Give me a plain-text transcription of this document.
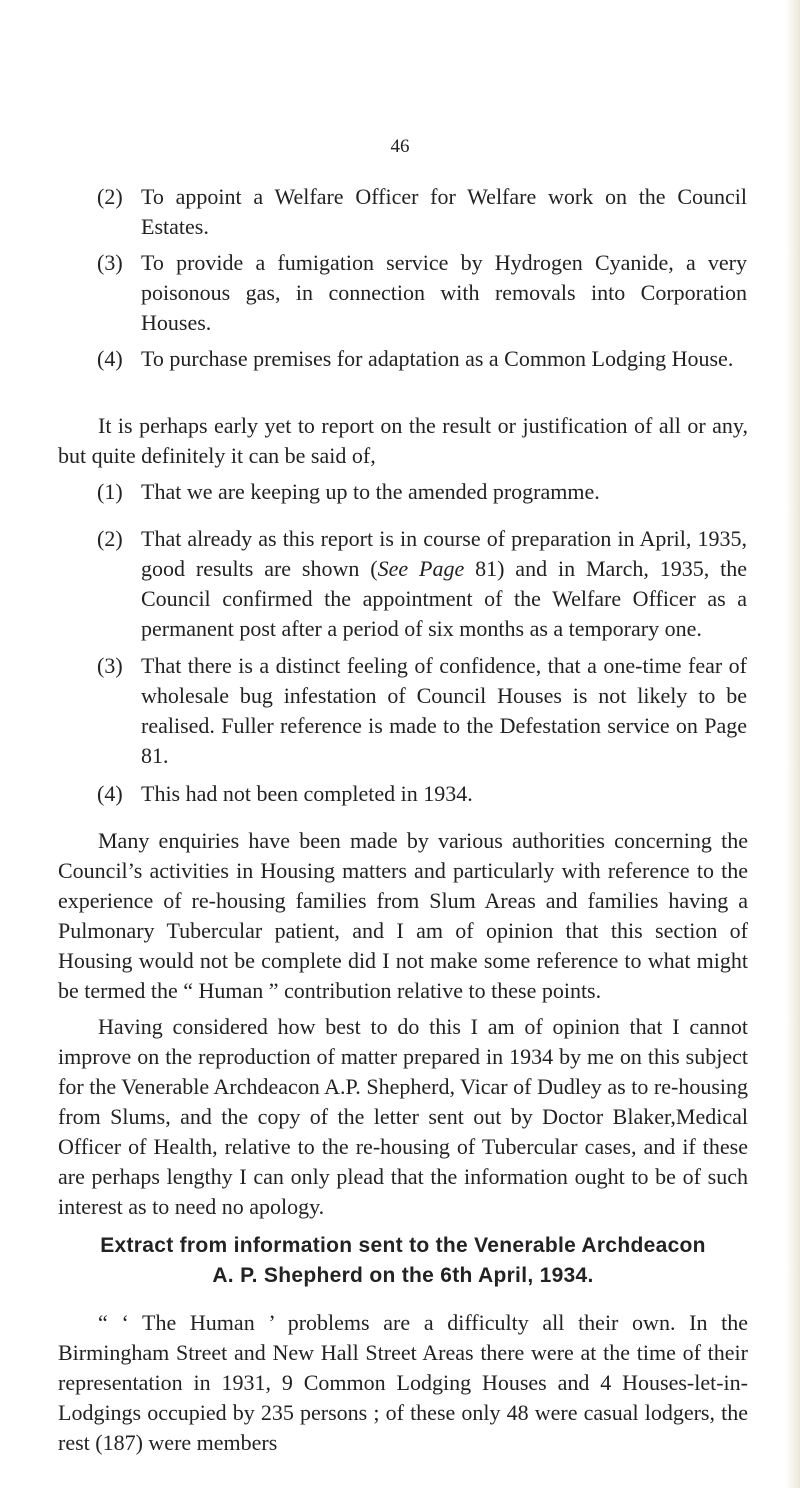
46
(2) To appoint a Welfare Officer for Welfare work on the Council Estates.
(3) To provide a fumigation service by Hydrogen Cyanide, a very poisonous gas, in connection with removals into Corporation Houses.
(4) To purchase premises for adaptation as a Common Lodging House.
It is perhaps early yet to report on the result or justification of all or any, but quite definitely it can be said of,
(1) That we are keeping up to the amended programme.
(2) That already as this report is in course of preparation in April, 1935, good results are shown (See Page 81) and in March, 1935, the Council confirmed the appointment of the Welfare Officer as a permanent post after a period of six months as a temporary one.
(3) That there is a distinct feeling of confidence, that a one-time fear of wholesale bug infestation of Council Houses is not likely to be realised. Fuller reference is made to the Defestation service on Page 81.
(4) This had not been completed in 1934.
Many enquiries have been made by various authorities concerning the Council’s activities in Housing matters and particularly with reference to the experience of re-housing families from Slum Areas and families having a Pulmonary Tubercular patient, and I am of opinion that this section of Housing would not be complete did I not make some reference to what might be termed the “ Human ” contribution relative to these points.
Having considered how best to do this I am of opinion that I cannot improve on the reproduction of matter prepared in 1934 by me on this subject for the Venerable Archdeacon A.P. Shepherd, Vicar of Dudley as to re-housing from Slums, and the copy of the letter sent out by Doctor Blaker,Medical Officer of Health, relative to the re-housing of Tubercular cases, and if these are perhaps lengthy I can only plead that the information ought to be of such interest as to need no apology.
Extract from information sent to the Venerable Archdeacon
A. P. Shepherd on the 6th April, 1934.
“ ‘ The Human ’ problems are a difficulty all their own. In the Birmingham Street and New Hall Street Areas there were at the time of their representation in 1931, 9 Common Lodging Houses and 4 Houses-let-in-Lodgings occupied by 235 persons ; of these only 48 were casual lodgers, the rest (187) were members
